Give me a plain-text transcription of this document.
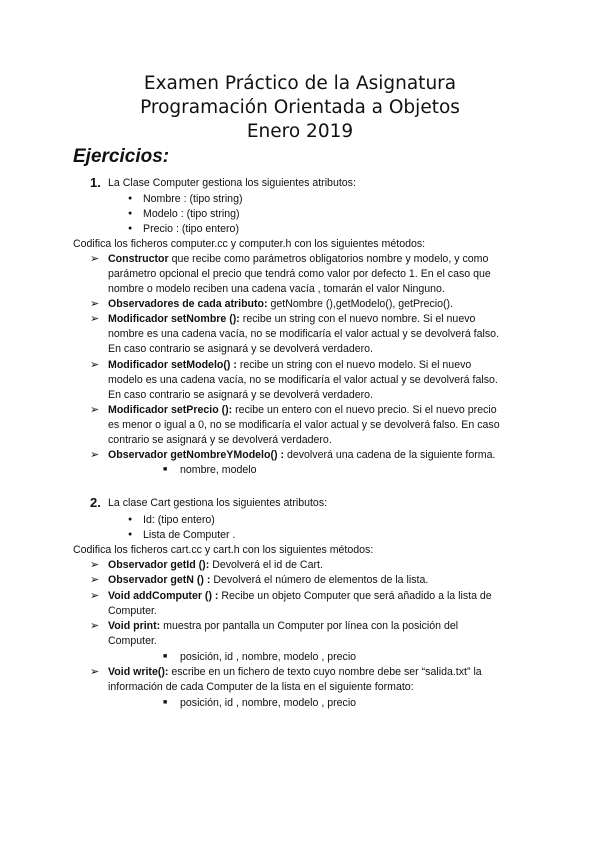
Examen Práctico de la Asignatura
Programación Orientada a Objetos
Enero 2019
Ejercicios:
1. La Clase Computer gestiona los siguientes atributos:
● Nombre : (tipo string)
● Modelo : (tipo string)
● Precio : (tipo entero)
Codifica los ficheros computer.cc y computer.h con los siguientes métodos:
➢ Constructor que recibe como parámetros obligatorios nombre y modelo, y como
parámetro opcional el precio que tendrá como valor por defecto 1. En el caso que
nombre o modelo reciben una cadena vacía , tomarán el valor Ninguno.
➢ Observadores de cada atributo: getNombre (),getModelo(), getPrecio().
➢ Modificador setNombre (): recibe un string con el nuevo nombre. Si el nuevo
nombre es una cadena vacía, no se modificaría el valor actual y se devolverá falso.
En caso contrario se asignará y se devolverá verdadero.
➢ Modificador setModelo() : recibe un string con el nuevo modelo. Si el nuevo
modelo es una cadena vacía, no se modificaría el valor actual y se devolverá falso.
En caso contrario se asignará y se devolverá verdadero.
➢ Modificador setPrecio (): recibe un entero con el nuevo precio. Si el nuevo precio
es menor o igual a 0, no se modificaría el valor actual y se devolverá falso. En caso
contrario se asignará y se devolverá verdadero.
➢ Observador getNombreYModelo() : devolverá una cadena de la siguiente forma.
■ nombre, modelo
2. La clase Cart gestiona los siguientes atributos:
● Id: (tipo entero)
● Lista de Computer .
Codifica los ficheros cart.cc y cart.h con los siguientes métodos:
➢ Observador getId (): Devolverá el id de Cart.
➢ Observador getN () : Devolverá el número de elementos de la lista.
➢ Void addComputer () : Recibe un objeto Computer que será añadido a la lista de
Computer.
➢ Void print: muestra por pantalla un Computer por línea con la posición del
Computer.
■ posición, id , nombre, modelo , precio
➢ Void write(): escribe en un fichero de texto cuyo nombre debe ser “salida.txt” la
información de cada Computer de la lista en el siguiente formato:
■ posición, id , nombre, modelo , precio
